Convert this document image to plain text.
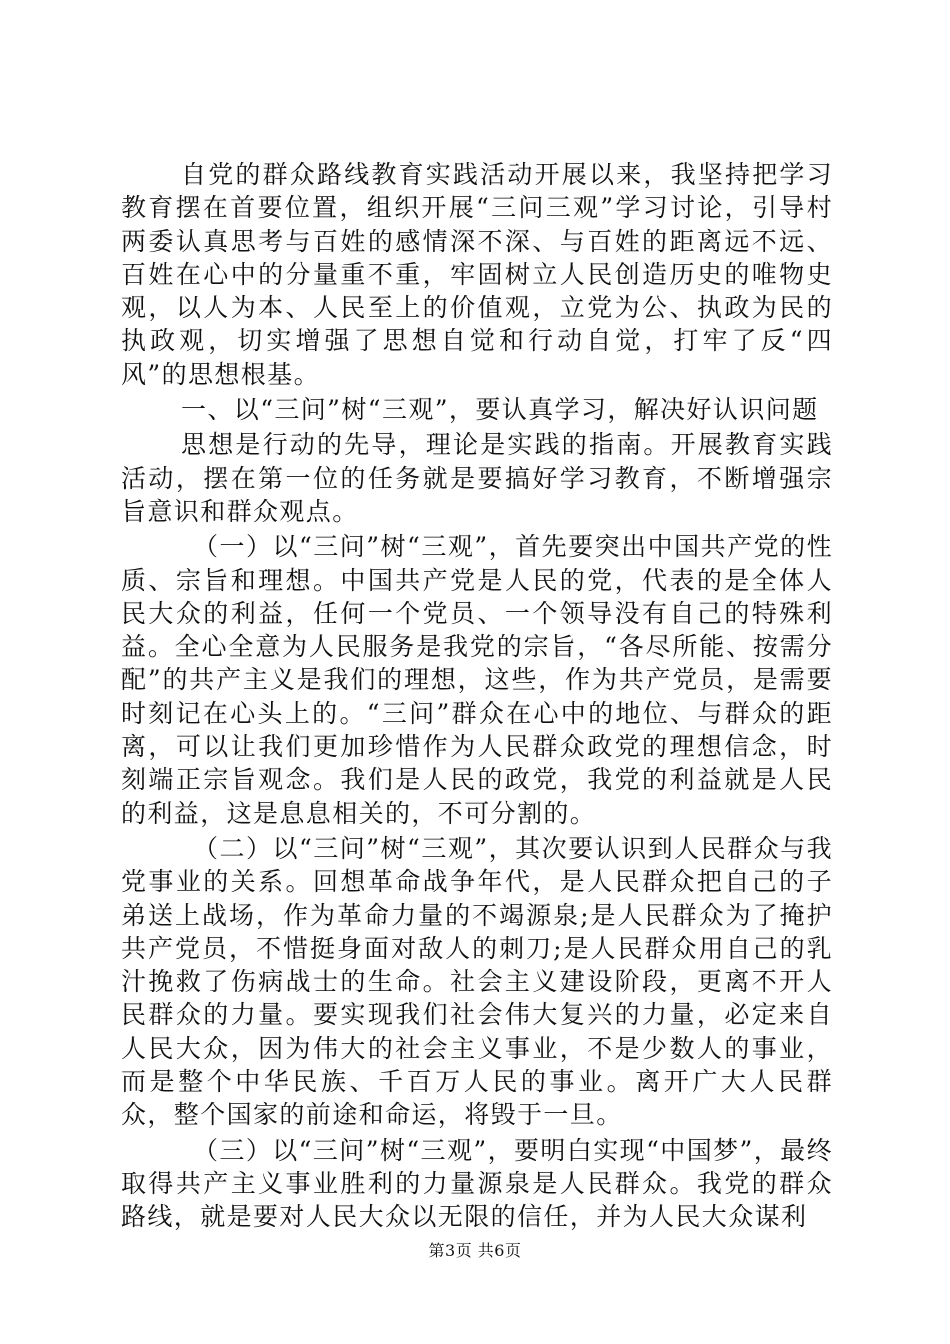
自党的群众路线教育实践活动开展以来，我坚持把学习教育摆在首要位置，组织开展“三问三观”学习讨论，引导村两委认真思考与百姓的感情深不深、与百姓的距离远不远、百姓在心中的分量重不重，牢固树立人民创造历史的唯物史观，以人为本、人民至上的价值观，立党为公、执政为民的执政观，切实增强了思想自觉和行动自觉，打牢了反“四风”的思想根基。

一、以“三问”树“三观”，要认真学习，解决好认识问题

思想是行动的先导，理论是实践的指南。开展教育实践活动，摆在第一位的任务就是要搞好学习教育，不断增强宗旨意识和群众观点。

（一）以“三问”树“三观”，首先要突出中国共产党的性质、宗旨和理想。中国共产党是人民的党，代表的是全体人民大众的利益，任何一个党员、一个领导没有自己的特殊利益。全心全意为人民服务是我党的宗旨，“各尽所能、按需分配”的共产主义是我们的理想，这些，作为共产党员，是需要时刻记在心头上的。“三问”群众在心中的地位、与群众的距离，可以让我们更加珍惜作为人民群众政党的理想信念，时刻端正宗旨观念。我们是人民的政党，我党的利益就是人民的利益，这是息息相关的，不可分割的。

（二）以“三问”树“三观”，其次要认识到人民群众与我党事业的关系。回想革命战争年代，是人民群众把自己的子弟送上战场，作为革命力量的不竭源泉;是人民群众为了掩护共产党员，不惜挺身面对敌人的刺刀;是人民群众用自己的乳汁挽救了伤病战士的生命。社会主义建设阶段，更离不开人民群众的力量。要实现我们社会伟大复兴的力量，必定来自人民大众，因为伟大的社会主义事业，不是少数人的事业，而是整个中华民族、千百万人民的事业。离开广大人民群众，整个国家的前途和命运，将毁于一旦。

（三）以“三问”树“三观”，要明白实现“中国梦”，最终取得共产主义事业胜利的力量源泉是人民群众。我党的群众路线，就是要对人民大众以无限的信任，并为人民大众谋利

第3页 共6页
